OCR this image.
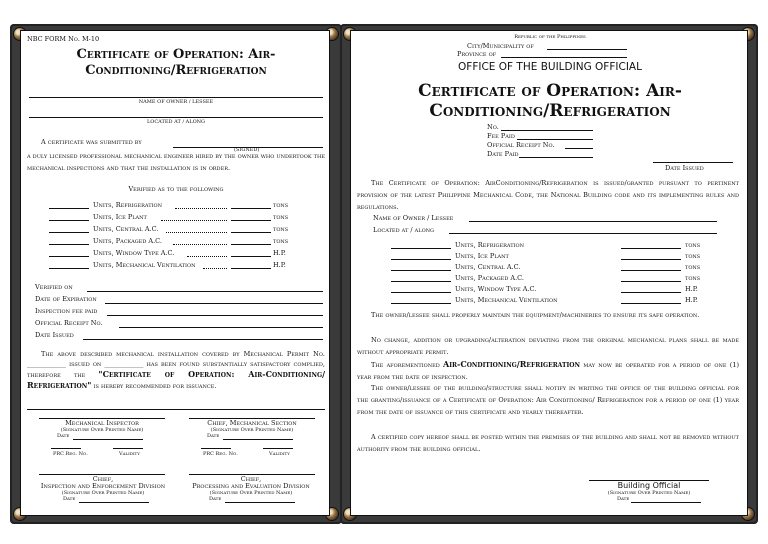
NBC FORM No. M-10
Certificate of Operation: Air-Conditioning/Refrigeration
NAME OF OWNER / LESSEE
LOCATED AT / ALONG
A certificate was submitted by
(SIGNED)
a duly licensed professional mechanical engineer hired by the owner who undertook the mechanical inspections and that the installation is in order.
Verified as to the following
Units, Refrigeration	tons
Units, Ice Plant	tons
Units, Central A.C.	tons
Units, Packaged A.C.	tons
Units, Window Type A.C.	H.P.
Units, Mechanical Ventilation	H.P.
Verified on
Date of Expiration
Inspection fee paid
Official Receipt No.
Date Issued
The above described mechanical installation covered by Mechanical Permit No. ____________ issued on ____________ has been found substantially satisfactory complied, therefore the "Certificate of Operation: Air-Conditioning/ Refrigeration" is hereby recommended for issuance.
Mechanical Inspector
(Signature Over Printed Name)
Date
PRC Reg. No.	Validity
Chief, Mechanical Section
(Signature Over Printed Name)
Date
PRC Reg. No.	Validity
Chief,
Inspection and Enforcement Division
(Signature Over Printed Name)
Date
Chief,
Processing and Evaluation Division
(Signature Over Printed Name)
Date
Republic of the Philippines
City/Municipality of
Province of
OFFICE OF THE BUILDING OFFICIAL
Certificate of Operation: Air-Conditioning/Refrigeration
No.
Fee Paid
Official Receipt No.
Date Paid
Date Issued
The Certificate of Operation: AirConditioning/Refrigeration is issued/granted pursuant to pertinent provision of the latest Philippine Mechanical Code, the National Building code and its implementing rules and regulations.
Name of Owner / Lessee
Located at / along
Units, Refrigeration	tons
Units, Ice Plant	tons
Units, Central A.C.	tons
Units, Packaged A.C.	tons
Units, Window Type A.C.	H.P.
Units, Mechanical Ventilation	H.P.
The owner/lessee shall properly maintain the equipment/machineries to ensure its safe operation.
No change, addition or upgrading/alteration deviating from the original mechanical plans shall be made without appropriate permit.
The aforementioned Air-Conditioning/Refrigeration may now be operated for a period of one (1) year from the date of inspection.
The owner/lessee of the building/structure shall notify in writing the office of the building official for the granting/issuance of a Certificate of Operation: Air Conditioning/ Refrigeration for a period of one (1) year from the date of issuance of this certificate and yearly thereafter.
A certified copy hereof shall be posted within the premises of the building and shall not be removed without authority from the building official.
Building Official
(Signature Over Printed Name)
Date
